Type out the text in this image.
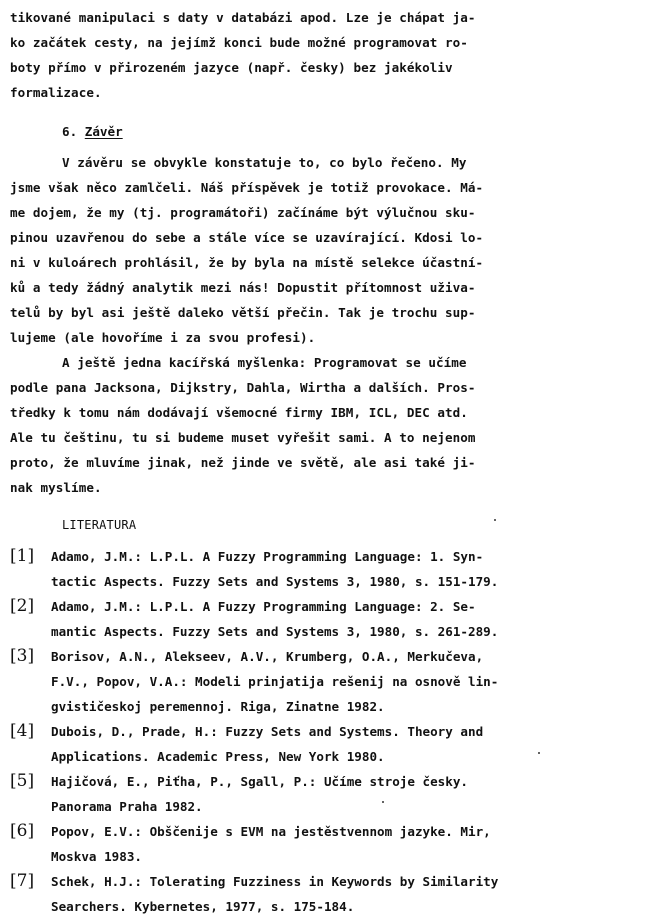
tikované manipulaci s daty v databázi apod. Lze je chápat ja-
ko začátek cesty, na jejímž konci bude možné programovat ro-
boty přímo v přirozeném jazyce (např. česky) bez jakékoliv
formalizace.
6. Závěr
V závěru se obvykle konstatuje to, co bylo řečeno. My
jsme však něco zamlčeli. Náš příspěvek je totiž provokace. Má-
me dojem, že my (tj. programátoři) začínáme být výlučnou sku-
pinou uzavřenou do sebe a stále více se uzavírající. Kdosi lo-
ni v kuloárech prohlásil, že by byla na místě selekce účastní-
ků a tedy žádný analytik mezi nás! Dopustit přítomnost uživa-
telů by byl asi ještě daleko větší přečin. Tak je trochu sup-
lujeme (ale hovoříme i za svou profesi).
A ještě jedna kacířská myšlenka: Programovat se učíme
podle pana Jacksona, Dijkstry, Dahla, Wirtha a dalších. Pros-
tředky k tomu nám dodávají všemocné firmy IBM, ICL, DEC atd.
Ale tu češtinu, tu si budeme muset vyřešit sami. A to nejenom
proto, že mluvíme jinak, než jinde ve světě, ale asi také ji-
nak myslíme.
LITERATURA
[1] Adamo, J.M.: L.P.L. A Fuzzy Programming Language: 1. Syn-
tactic Aspects. Fuzzy Sets and Systems 3, 1980, s. 151-179.
[2] Adamo, J.M.: L.P.L. A Fuzzy Programming Language: 2. Se-
mantic Aspects. Fuzzy Sets and Systems 3, 1980, s. 261-289.
[3] Borisov, A.N., Alekseev, A.V., Krumberg, O.A., Merkučeva,
F.V., Popov, V.A.: Modeli prinjatija rešenij na osnově lin-
gvističeskoj peremennoj. Riga, Zinatne 1982.
[4] Dubois, D., Prade, H.: Fuzzy Sets and Systems. Theory and
Applications. Academic Press, New York 1980.
[5] Hajičová, E., Piťha, P., Sgall, P.: Učíme stroje česky.
Panorama Praha 1982.
[6] Popov, E.V.: Obščenije s EVM na jestěstvennom jazyke. Mir,
Moskva 1983.
[7] Schek, H.J.: Tolerating Fuzziness in Keywords by Similarity
Searchers. Kybernetes, 1977, s. 175-184.
